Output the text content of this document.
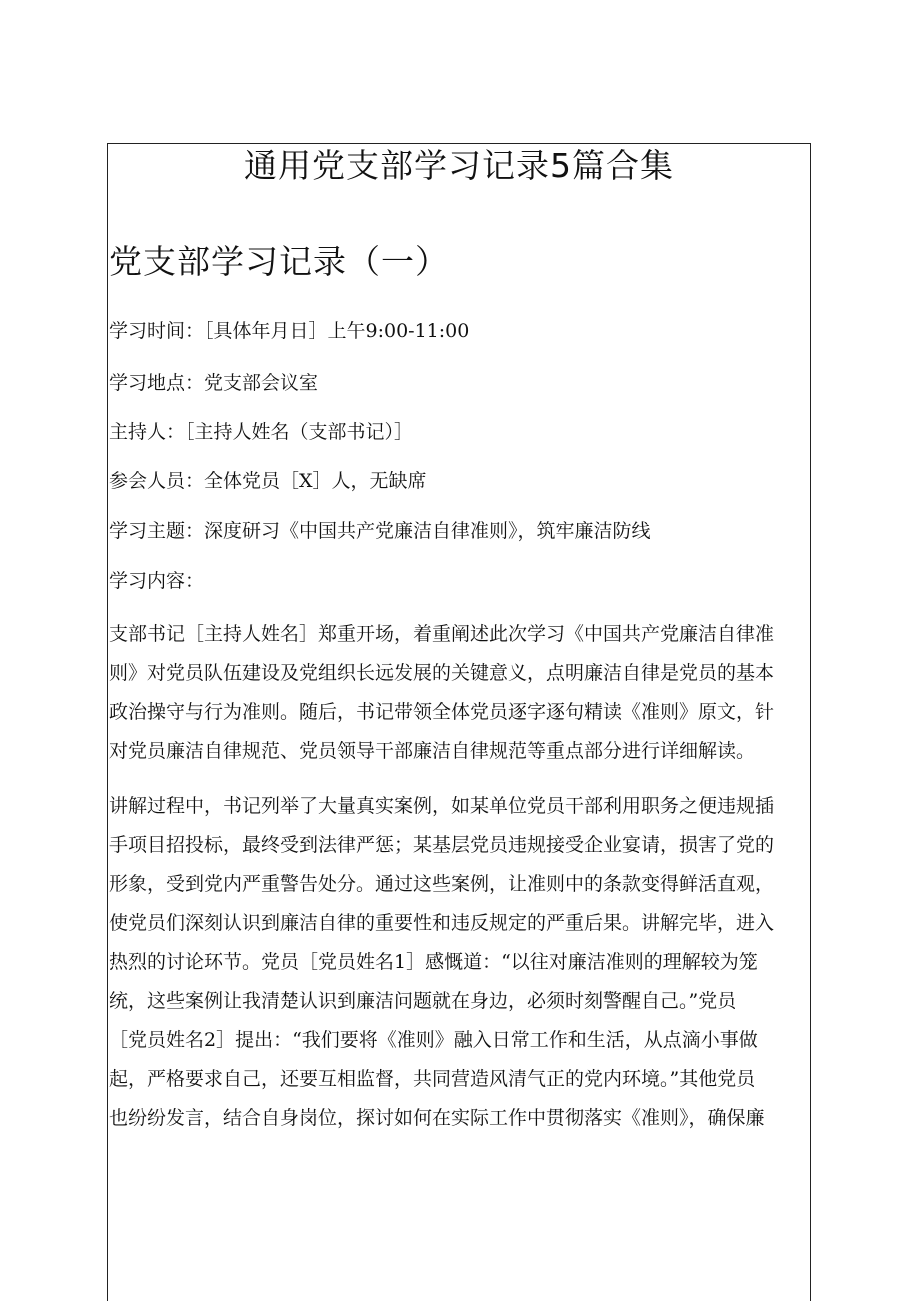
通用党支部学习记录5篇合集
党支部学习记录（一）
学习时间：［具体年月日］上午9:00-11:00
学习地点：党支部会议室
主持人：［主持人姓名（支部书记）］
参会人员：全体党员［X］人，无缺席
学习主题：深度研习《中国共产党廉洁自律准则》，筑牢廉洁防线
学习内容：
支部书记［主持人姓名］郑重开场，着重阐述此次学习《中国共产党廉洁自律准
则》对党员队伍建设及党组织长远发展的关键意义，点明廉洁自律是党员的基本
政治操守与行为准则。随后，书记带领全体党员逐字逐句精读《准则》原文，针
对党员廉洁自律规范、党员领导干部廉洁自律规范等重点部分进行详细解读。
讲解过程中，书记列举了大量真实案例，如某单位党员干部利用职务之便违规插
手项目招投标，最终受到法律严惩；某基层党员违规接受企业宴请，损害了党的
形象，受到党内严重警告处分。通过这些案例，让准则中的条款变得鲜活直观，
使党员们深刻认识到廉洁自律的重要性和违反规定的严重后果。讲解完毕，进入
热烈的讨论环节。党员［党员姓名1］感慨道：“以往对廉洁准则的理解较为笼
统，这些案例让我清楚认识到廉洁问题就在身边，必须时刻警醒自己。”党员
［党员姓名2］提出：“我们要将《准则》融入日常工作和生活，从点滴小事做
起，严格要求自己，还要互相监督，共同营造风清气正的党内环境。”其他党员
也纷纷发言，结合自身岗位，探讨如何在实际工作中贯彻落实《准则》，确保廉
